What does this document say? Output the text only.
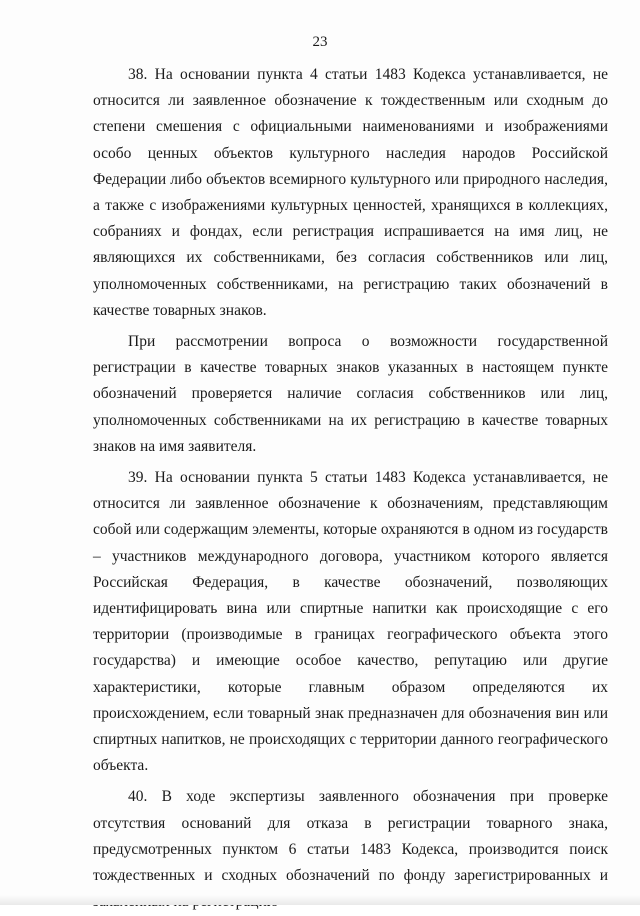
23

38. На основании пункта 4 статьи 1483 Кодекса устанавливается, не относится ли заявленное обозначение к тождественным или сходным до степени смешения с официальными наименованиями и изображениями особо ценных объектов культурного наследия народов Российской Федерации либо объектов всемирного культурного или природного наследия, а также с изображениями культурных ценностей, хранящихся в коллекциях, собраниях и фондах, если регистрация испрашивается на имя лиц, не являющихся их собственниками, без согласия собственников или лиц, уполномоченных собственниками, на регистрацию таких обозначений в качестве товарных знаков.

При рассмотрении вопроса о возможности государственной регистрации в качестве товарных знаков указанных в настоящем пункте обозначений проверяется наличие согласия собственников или лиц, уполномоченных собственниками на их регистрацию в качестве товарных знаков на имя заявителя.

39. На основании пункта 5 статьи 1483 Кодекса устанавливается, не относится ли заявленное обозначение к обозначениям, представляющим собой или содержащим элементы, которые охраняются в одном из государств – участников международного договора, участником которого является Российская Федерация, в качестве обозначений, позволяющих идентифицировать вина или спиртные напитки как происходящие с его территории (производимые в границах географического объекта этого государства) и имеющие особое качество, репутацию или другие характеристики, которые главным образом определяются их происхождением, если товарный знак предназначен для обозначения вин или спиртных напитков, не происходящих с территории данного географического объекта.

40. В ходе экспертизы заявленного обозначения при проверке отсутствия оснований для отказа в регистрации товарного знака, предусмотренных пунктом 6 статьи 1483 Кодекса, производится поиск тождественных и сходных обозначений по фонду зарегистрированных и
